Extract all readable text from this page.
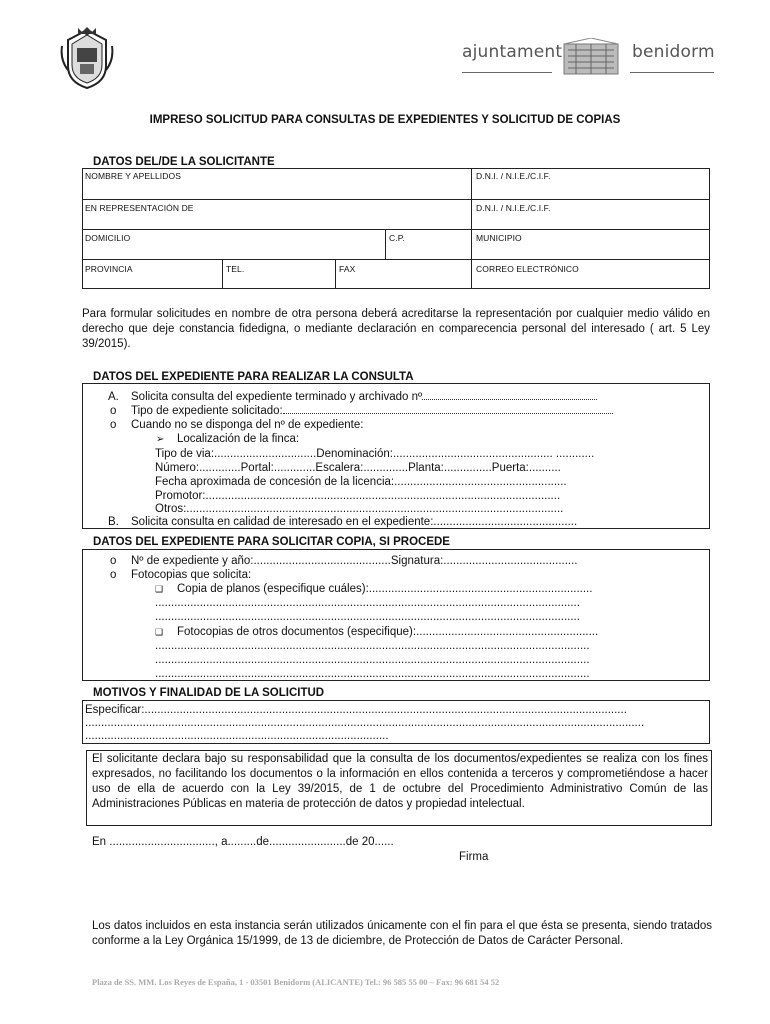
ajuntament	benidorm
IMPRESO SOLICITUD PARA CONSULTAS DE EXPEDIENTES Y SOLICITUD DE COPIAS
DATOS DEL/DE LA SOLICITANTE
NOMBRE Y APELLIDOS	D.N.I. / N.I.E./C.I.F.
EN REPRESENTACIÓN DE	D.N.I. / N.I.E./C.I.F.
DOMICILIO	C.P.	MUNICIPIO
PROVINCIA	TEL.	FAX	CORREO ELECTRÓNICO
Para formular solicitudes en nombre de otra persona deberá acreditarse la representación por cualquier medio válido en derecho que deje constancia fidedigna, o mediante declaración en comparecencia personal del interesado ( art. 5 Ley 39/2015).
DATOS DEL EXPEDIENTE PARA REALIZAR LA CONSULTA
A. Solicita consulta del expediente terminado y archivado nº
o Tipo de expediente solicitado:
o Cuando no se disponga del nº de expediente:
➢ Localización de la finca:
Tipo de via:................................Denominación:.................................................. ............
Número:.............Portal:.............Escalera:..............Planta:...............Puerta:..........
Fecha aproximada de concesión de la licencia:......................................................
Promotor:...............................................................................................................
Otros:......................................................................................................................
B. Solicita consulta en calidad de interesado en el expediente:.............................................
DATOS DEL EXPEDIENTE PARA SOLICITAR COPIA, SI PROCEDE
o Nº de expediente y año:...........................................Signatura:..........................................
o Fotocopias que solicita:
❑ Copia de planos (especifique cuáles):......................................................................
.....................................................................................................................................
.....................................................................................................................................
❑ Fotocopias de otros documentos (especifique):.........................................................
........................................................................................................................................
........................................................................................................................................
........................................................................................................................................
MOTIVOS Y FINALIDAD DE LA SOLICITUD
Especificar:.......................................................................................................................................................
...............................................................................................................................................................................
...............................................................................................
El solicitante declara bajo su responsabilidad que la consulta de los documentos/expedientes se realiza con los fines expresados, no facilitando los documentos o la información en ellos contenida a terceros y comprometiéndose a hacer uso de ella de acuerdo con la Ley 39/2015, de 1 de octubre del Procedimiento Administrativo Común de las Administraciones Públicas en materia de protección de datos y propiedad intelectual.
En ................................., a.........de........................de 20......
Firma
Los datos incluidos en esta instancia serán utilizados únicamente con el fin para el que ésta se presenta, siendo tratados conforme a la Ley Orgánica 15/1999, de 13 de diciembre, de Protección de Datos de Carácter Personal.
Plaza de SS. MM. Los Reyes de España, 1 - 03501 Benidorm (ALICANTE) Tel.: 96 585 55 00 – Fax: 96 681 54 52
